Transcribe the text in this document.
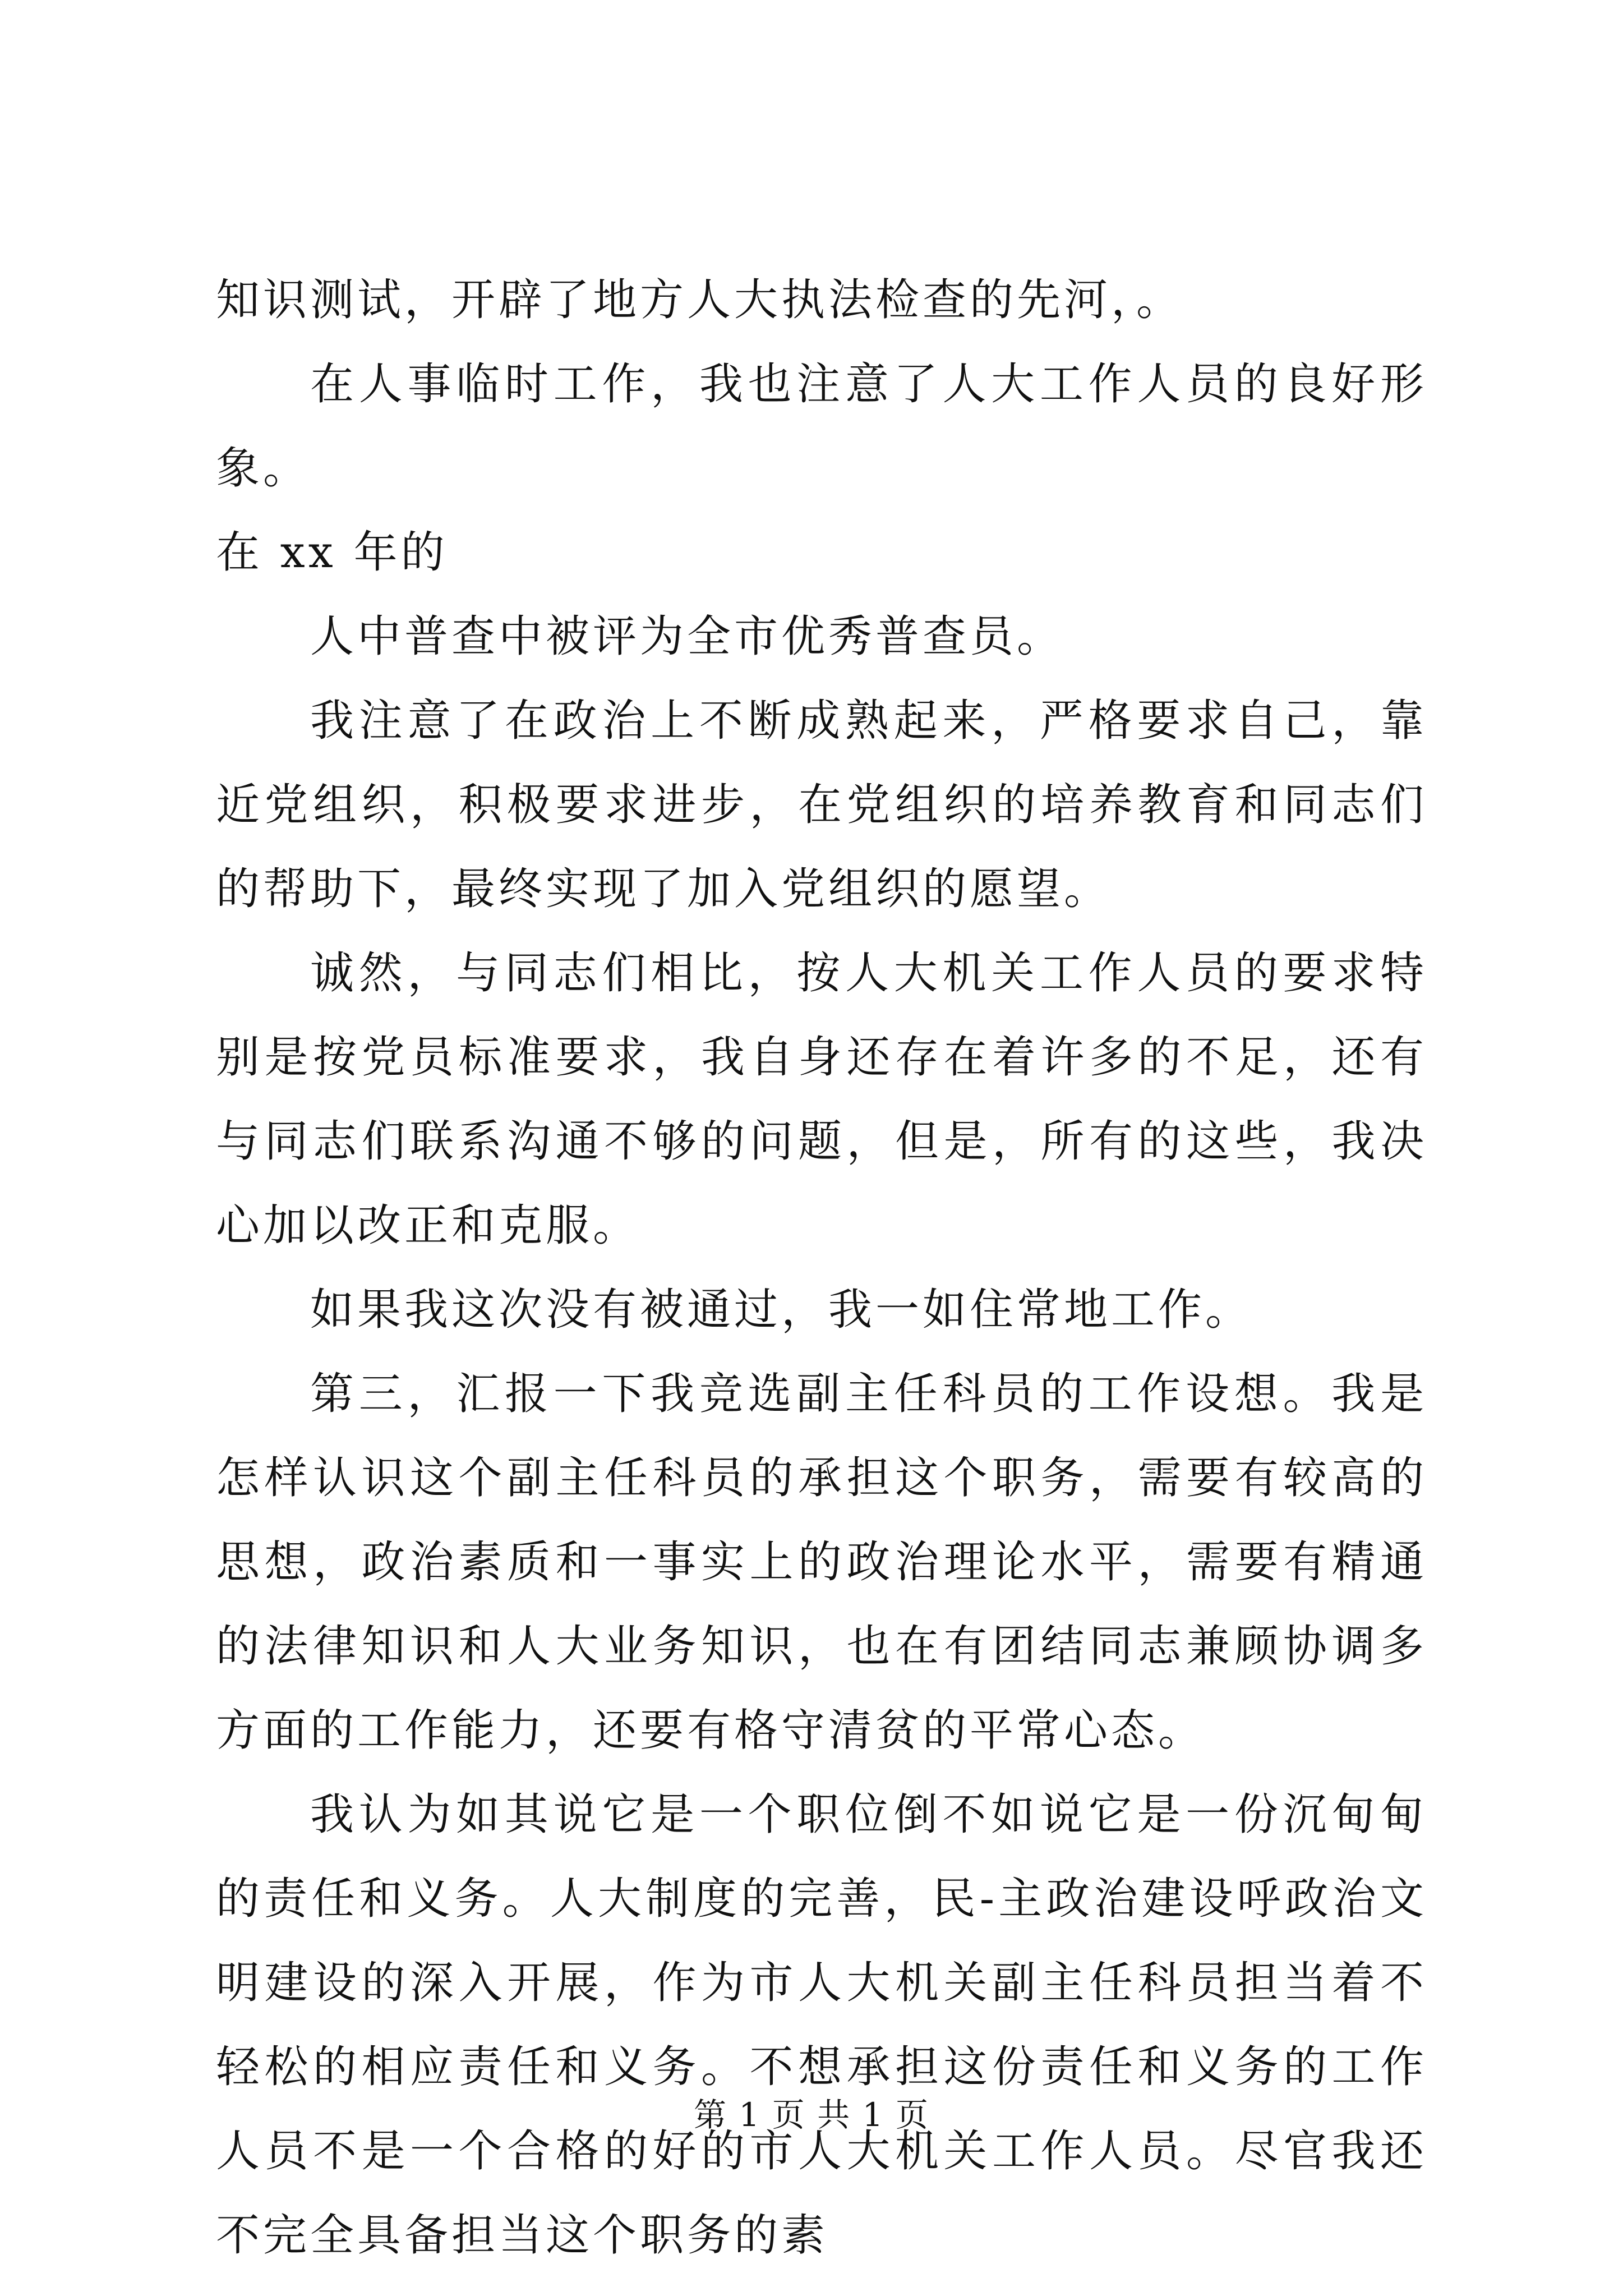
知识测试，开辟了地方人大执法检查的先河，。

在人事临时工作，我也注意了人大工作人员的良好形象。

在 xx 年的

人中普查中被评为全市优秀普查员。

我注意了在政治上不断成熟起来，严格要求自己，靠近党组织，积极要求进步，在党组织的培养教育和同志们的帮助下，最终实现了加入党组织的愿望。

诚然，与同志们相比，按人大机关工作人员的要求特别是按党员标准要求，我自身还存在着许多的不足，还有与同志们联系沟通不够的问题，但是，所有的这些，我决心加以改正和克服。

如果我这次没有被通过，我一如住常地工作。

第三，汇报一下我竞选副主任科员的工作设想。我是怎样认识这个副主任科员的承担这个职务，需要有较高的思想，政治素质和一事实上的政治理论水平，需要有精通的法律知识和人大业务知识，也在有团结同志兼顾协调多方面的工作能力，还要有格守清贫的平常心态。

我认为如其说它是一个职位倒不如说它是一份沉甸甸的责任和义务。人大制度的完善，民-主政治建设呼政治文明建设的深入开展，作为市人大机关副主任科员担当着不轻松的相应责任和义务。不想承担这份责任和义务的工作人员不是一个合格的好的市人大机关工作人员。尽官我还不完全具备担当这个职务的素

第 1 页 共 1 页
